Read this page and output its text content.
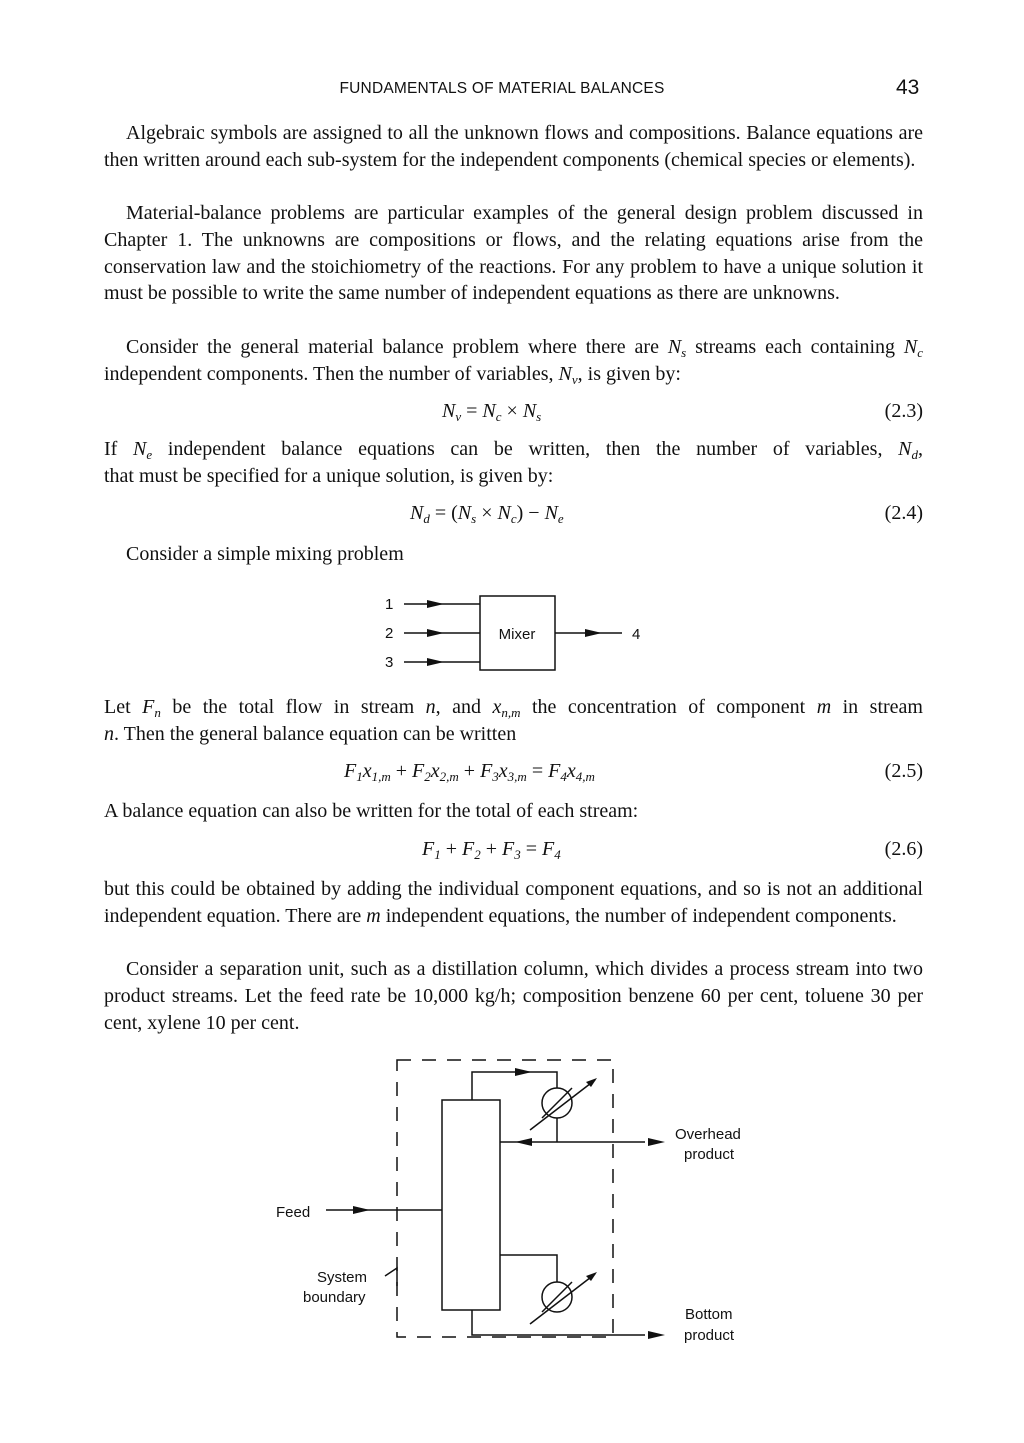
FUNDAMENTALS OF MATERIAL BALANCES	43

Algebraic symbols are assigned to all the unknown flows and compositions. Balance equations are then written around each sub-system for the independent components (chemical species or elements).

Material-balance problems are particular examples of the general design problem discussed in Chapter 1. The unknowns are compositions or flows, and the relating equations arise from the conservation law and the stoichiometry of the reactions. For any problem to have a unique solution it must be possible to write the same number of independent equations as there are unknowns.

Consider the general material balance problem where there are $N_s$ streams each containing $N_c$ independent components. Then the number of variables, $N_v$, is given by:

$N_v = N_c \times N_s$	(2.3)
If $N_e$ independent balance equations can be written, then the number of variables, $N_d$,
that must be specified for a unique solution, is given by:
$N_d = (N_s \times N_c) - N_e$	(2.4)
Consider a simple mixing problem
1
2
3
Mixer	4
Let $F_n$ be the total flow in stream n, and $x_{n,m}$ the concentration of component m in stream
n. Then the general balance equation can be written
$F_1x_{1,m} + F_2x_{2,m} + F_3x_{3,m} = F_4x_{4,m}$	(2.5)
A balance equation can also be written for the total of each stream:
$F_1 + F_2 + F_3 = F_4$	(2.6)

but this could be obtained by adding the individual component equations, and so is not an additional independent equation. There are m independent equations, the number of independent components.

Consider a separation unit, such as a distillation column, which divides a process stream into two product streams. Let the feed rate be 10,000 kg/h; composition benzene 60 per cent, toluene 30 per cent, xylene 10 per cent.

Overhead
product
Feed
System
boundary
Bottom
product
